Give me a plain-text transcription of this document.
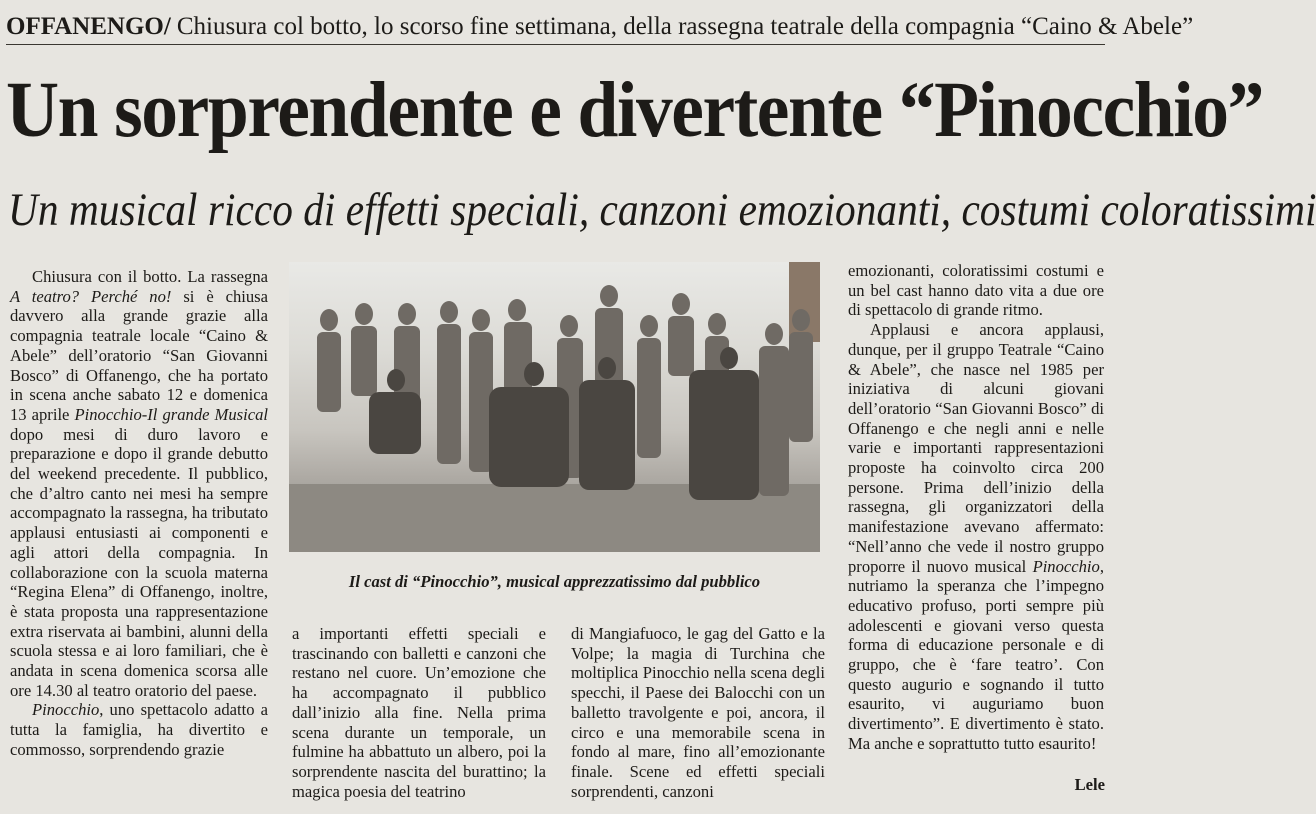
OFFANENGO/ Chiusura col botto, lo scorso fine settimana, della rassegna teatrale della compagnia “Caino & Abele”
Un sorprendente e divertente “Pinocchio”
Un musical ricco di effetti speciali, canzoni emozionanti, costumi coloratissimi

Chiusura con il botto. La rassegna A teatro? Perché no! si è chiusa davvero alla grande grazie alla compagnia teatrale locale “Caino & Abele” dell’oratorio “San Giovanni Bosco” di Offanengo, che ha portato in scena anche sabato 12 e domenica 13 aprile Pinocchio-Il grande Musical dopo mesi di duro lavoro e preparazione e dopo il grande debutto del weekend precedente. Il pubblico, che d’altro canto nei mesi ha sempre accompagnato la rassegna, ha tributato applausi entusiasti ai componenti e agli attori della compagnia. In collaborazione con la scuola materna “Regina Elena” di Offanengo, inoltre, è stata proposta una rappresentazione extra riservata ai bambini, alunni della scuola stessa e ai loro familiari, che è andata in scena domenica scorsa alle ore 14.30 al teatro oratorio del paese.

Pinocchio, uno spettacolo adatto a tutta la famiglia, ha divertito e commosso, sorprendendo grazie

Il cast di “Pinocchio”, musical apprezzatissimo dal pubblico

a importanti effetti speciali e trascinando con balletti e canzoni che restano nel cuore. Un’emozione che ha accompagnato il pubblico dall’inizio alla fine. Nella prima scena durante un temporale, un fulmine ha abbattuto un albero, poi la sorprendente nascita del burattino; la magica poesia del teatrino

di Mangiafuoco, le gag del Gatto e la Volpe; la magia di Turchina che moltiplica Pinocchio nella scena degli specchi, il Paese dei Balocchi con un balletto travolgente e poi, ancora, il circo e una memorabile scena in fondo al mare, fino all’emozionante finale. Scene ed effetti speciali sorprendenti, canzoni

emozionanti, coloratissimi costumi e un bel cast hanno dato vita a due ore di spettacolo di grande ritmo.

Applausi e ancora applausi, dunque, per il gruppo Teatrale “Caino & Abele”, che nasce nel 1985 per iniziativa di alcuni giovani dell’oratorio “San Giovanni Bosco” di Offanengo e che negli anni e nelle varie e importanti rappresentazioni proposte ha coinvolto circa 200 persone. Prima dell’inizio della rassegna, gli organizzatori della manifestazione avevano affermato: “Nell’anno che vede il nostro gruppo proporre il nuovo musical Pinocchio, nutriamo la speranza che l’impegno educativo profuso, porti sempre più adolescenti e giovani verso questa forma di educazione personale e di gruppo, che è ‘fare teatro’. Con questo augurio e sognando il tutto esaurito, vi auguriamo buon divertimento”. E divertimento è stato. Ma anche e soprattutto tutto esaurito!

Lele
